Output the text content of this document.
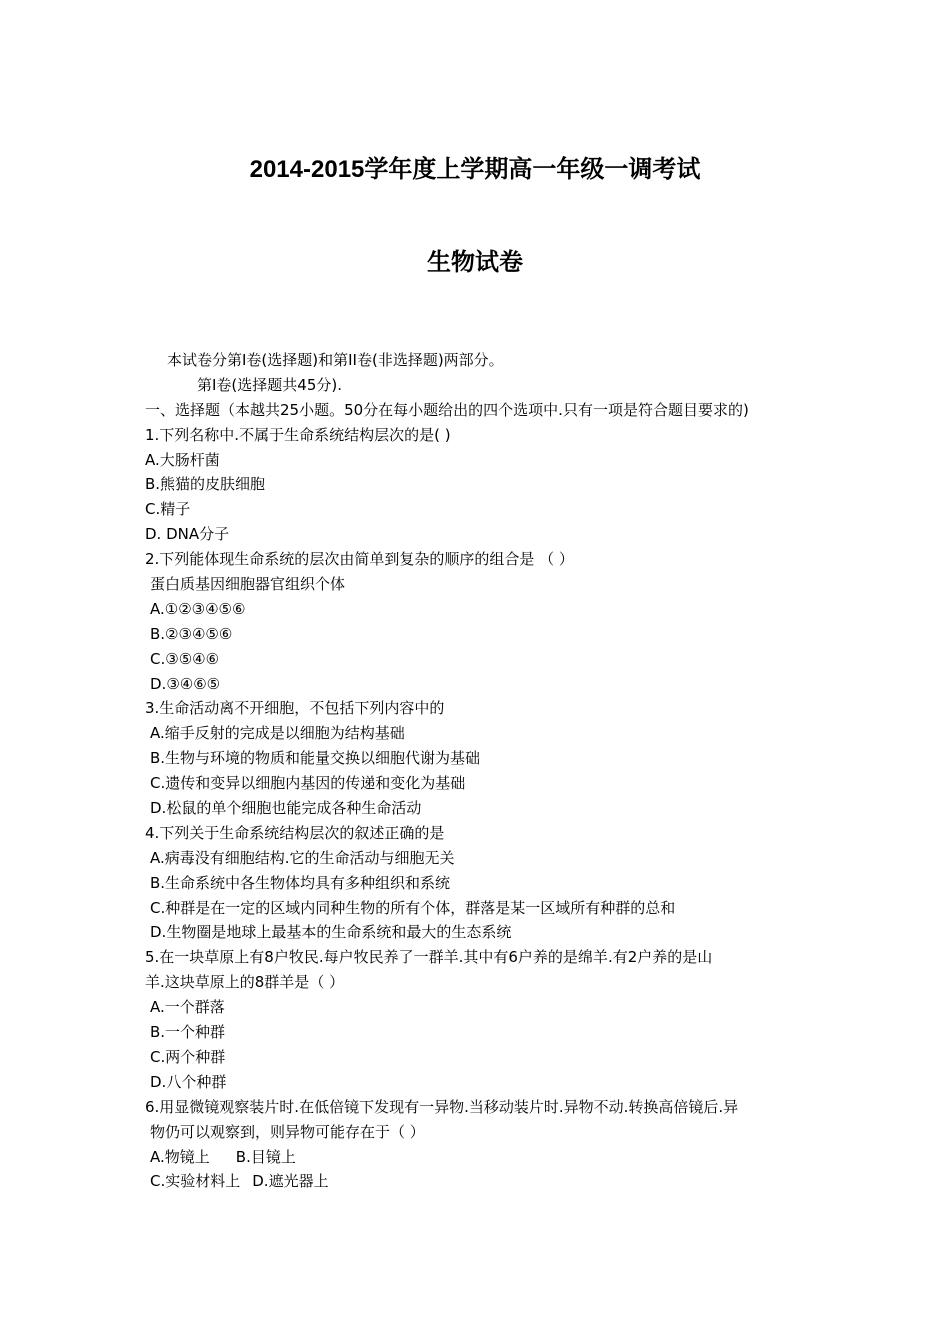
2014-2015学年度上学期高一年级一调考试
生物试卷
本试卷分第I卷(选择题)和第II卷(非选择题)两部分。
第I卷(选择题共45分).
一、选择题（本越共25小题。50分在每小题给出的四个选项中.只有一项是符合题目要求的)
1.下列名称中.不属于生命系统结构层次的是( )
A.大肠杆菌
B.熊猫的皮肤细胞
C.精子
D. DNA分子
2.下列能体现生命系统的层次由简单到复杂的顺序的组合是 （ ）
蛋白质基因细胞器官组织个体
A.①②③④⑤⑥
B.②③④⑤⑥
C.③⑤④⑥
D.③④⑥⑤
3.生命活动离不开细胞，不包括下列内容中的
A.缩手反射的完成是以细胞为结构基础
B.生物与环境的物质和能量交换以细胞代谢为基础
C.遗传和变异以细胞内基因的传递和变化为基础
D.松鼠的单个细胞也能完成各种生命活动
4.下列关于生命系统结构层次的叙述正确的是
A.病毒没有细胞结构.它的生命活动与细胞无关
B.生命系统中各生物体均具有多种组织和系统
C.种群是在一定的区域内同种生物的所有个体，群落是某一区域所有种群的总和
D.生物圈是地球上最基本的生命系统和最大的生态系统
5.在一块草原上有8户牧民.每户牧民养了一群羊.其中有6户养的是绵羊.有2户养的是山
羊.这块草原上的8群羊是（ ）
A.一个群落
B.一个种群
C.两个种群
D.八个种群
6.用显微镜观察装片时.在低倍镜下发现有一异物.当移动装片时.异物不动.转换高倍镜后.异
物仍可以观察到，则异物可能存在于（ ）
A.物镜上 B.目镜上
C.实验材料上 D.遮光器上
